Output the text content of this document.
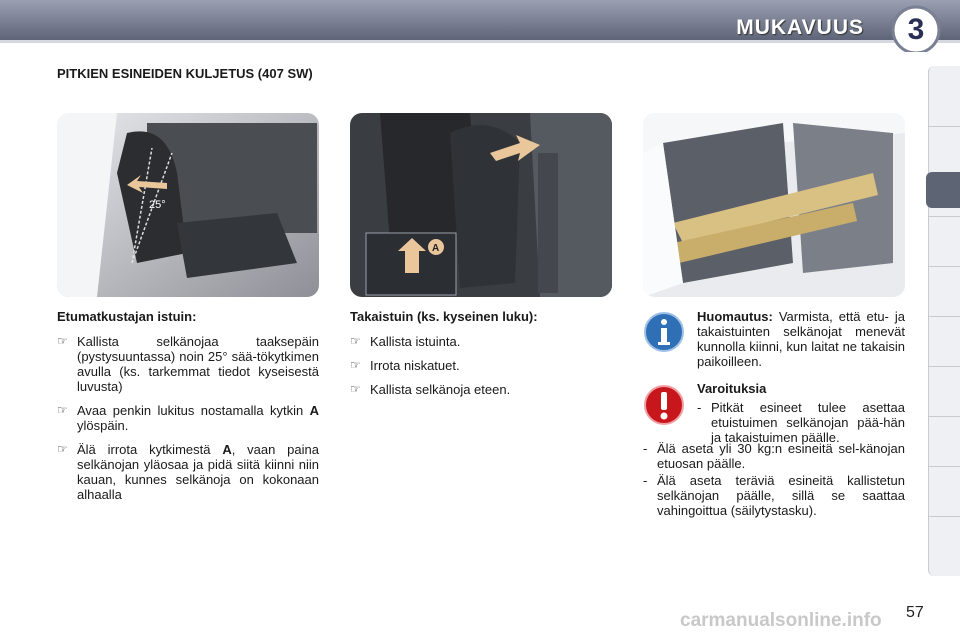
MUKAVUUS	3
PITKIEN ESINEIDEN KULJETUS (407 SW)
25°
A
Etumatkustajan istuin:
☞ Kallista selkänojaa taaksepäin (pystysuuntassa) noin 25° sää-tökytkimen avulla (ks. tarkemmat tiedot kyseisestä luvusta)
☞ Avaa penkin lukitus nostamalla kytkin A ylöspäin.
☞ Älä irrota kytkimestä A, vaan paina selkänojan yläosaa ja pidä siitä kiinni niin kauan, kunnes selkänoja on kokonaan alhaalla
Takaistuin (ks. kyseinen luku):
☞ Kallista istuinta.
☞ Irrota niskatuet.
☞ Kallista selkänoja eteen.
Huomautus: Varmista, että etu- ja takaistuinten selkänojat menevät kunnolla kiinni, kun laitat ne takaisin paikoilleen.
Varoituksia
- Pitkät esineet tulee asettaa etuistuimen selkänojan pää-hän ja takaistuimen päälle.
- Älä aseta yli 30 kg:n esineitä sel-känojan etuosan päälle.
- Älä aseta teräviä esineitä kallistetun selkänojan päälle, sillä se saattaa vahingoittua (säilytystasku).
carmanualsonline.info 57
